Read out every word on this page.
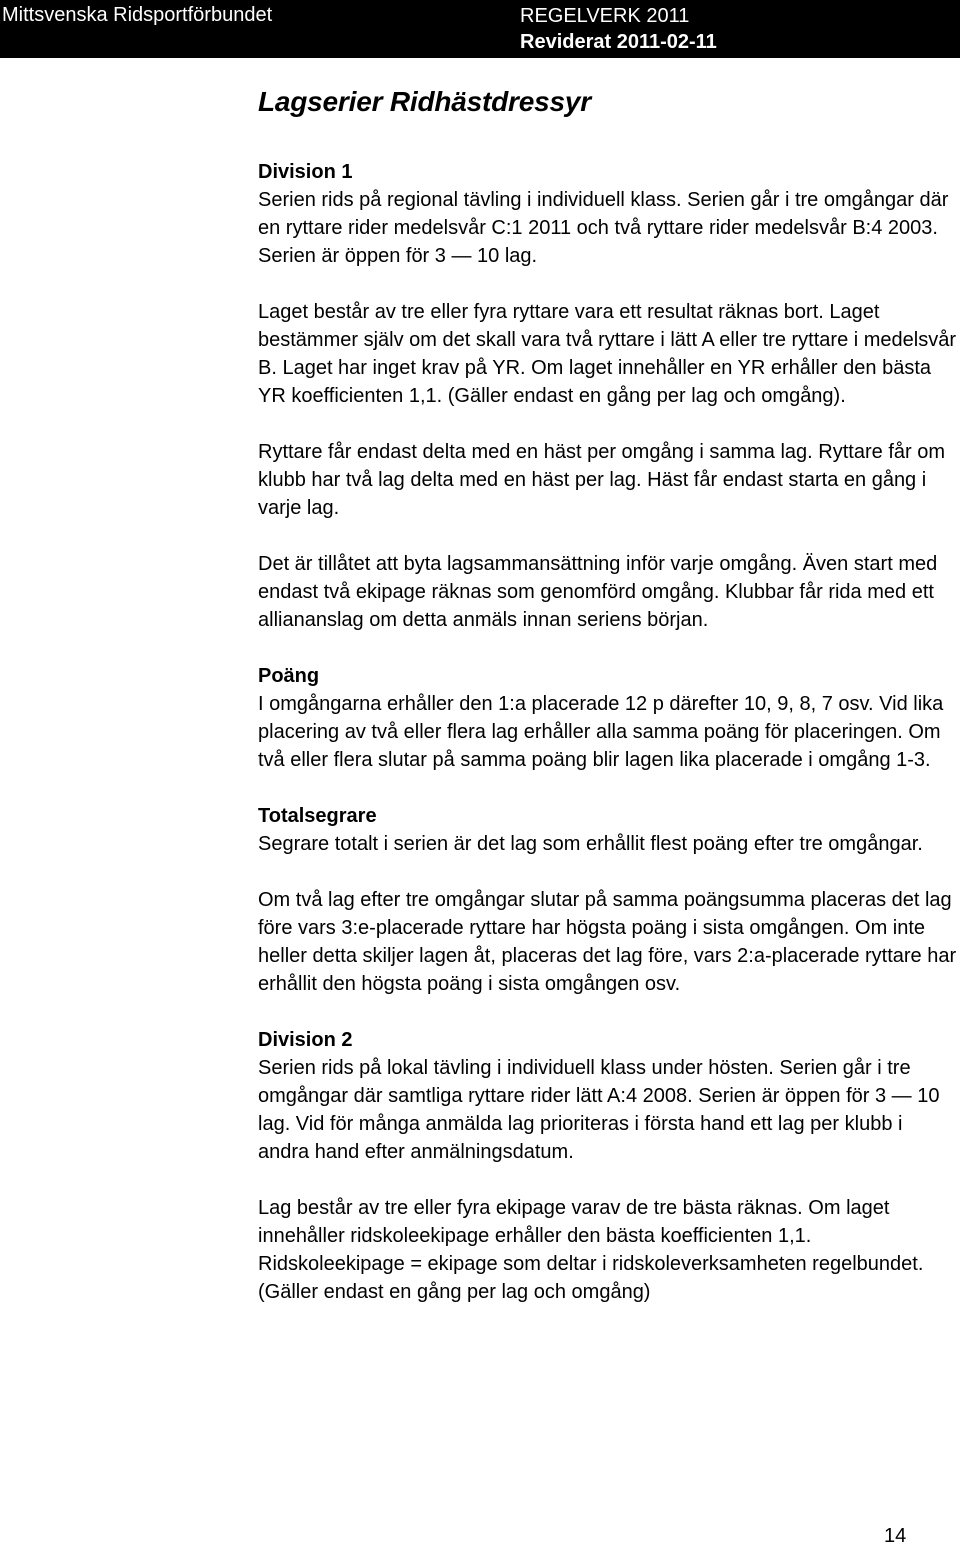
Mittsvenska Ridsportförbundet	REGELVERK 2011
Reviderat 2011-02-11
Lagserier Ridhästdressyr

Division 1

Serien rids på regional tävling i individuell klass. Serien går i tre omgångar där en ryttare rider medelsvår C:1 2011 och två ryttare rider medelsvår B:4 2003. Serien är öppen för 3 — 10 lag.

Laget består av tre eller fyra ryttare vara ett resultat räknas bort. Laget bestämmer själv om det skall vara två ryttare i lätt A eller tre ryttare i medelsvår B. Laget har inget krav på YR. Om laget innehåller en YR erhåller den bästa YR koefficienten 1,1. (Gäller endast en gång per lag och omgång).

Ryttare får endast delta med en häst per omgång i samma lag. Ryttare får om klubb har två lag delta med en häst per lag. Häst får endast starta en gång i varje lag.

Det är tillåtet att byta lagsammansättning inför varje omgång. Även start med endast två ekipage räknas som genomförd omgång. Klubbar får rida med ett alliananslag om detta anmäls innan seriens början.

Poäng

I omgångarna erhåller den 1:a placerade 12 p därefter 10, 9, 8, 7 osv. Vid lika placering av två eller flera lag erhåller alla samma poäng för placeringen. Om två eller flera slutar på samma poäng blir lagen lika placerade i omgång 1-3.

Totalsegrare

Segrare totalt i serien är det lag som erhållit flest poäng efter tre omgångar.

Om två lag efter tre omgångar slutar på samma poängsumma placeras det lag före vars 3:e-placerade ryttare har högsta poäng i sista omgången. Om inte heller detta skiljer lagen åt, placeras det lag före, vars 2:a-placerade ryttare har erhållit den högsta poäng i sista omgången osv.

Division 2

Serien rids på lokal tävling i individuell klass under hösten. Serien går i tre omgångar där samtliga ryttare rider lätt A:4 2008. Serien är öppen för 3 — 10 lag. Vid för många anmälda lag prioriteras i första hand ett lag per klubb i andra hand efter anmälningsdatum.

Lag består av tre eller fyra ekipage varav de tre bästa räknas. Om laget innehåller ridskoleekipage erhåller den bästa koefficienten 1,1. Ridskoleekipage = ekipage som deltar i ridskoleverksamheten regelbundet. (Gäller endast en gång per lag och omgång)

14
